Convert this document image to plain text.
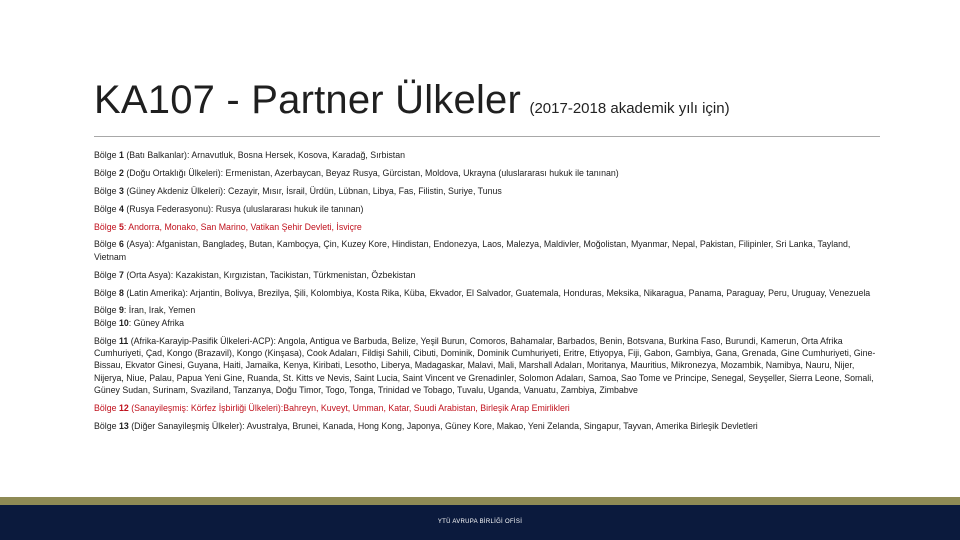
KA107 - Partner Ülkeler (2017-2018 akademik yılı için)

Bölge 1 (Batı Balkanlar): Arnavutluk, Bosna Hersek, Kosova, Karadağ, Sırbistan

Bölge 2 (Doğu Ortaklığı Ülkeleri): Ermenistan, Azerbaycan, Beyaz Rusya, Gürcistan, Moldova, Ukrayna (uluslararası hukuk ile tanınan)

Bölge 3 (Güney Akdeniz Ülkeleri): Cezayir, Mısır, İsrail, Ürdün, Lübnan, Libya, Fas, Filistin, Suriye, Tunus

Bölge 4 (Rusya Federasyonu): Rusya (uluslararası hukuk ile tanınan)

Bölge 5: Andorra, Monako, San Marino, Vatikan Şehir Devleti, İsviçre

Bölge 6 (Asya): Afganistan, Bangladeş, Butan, Kamboçya, Çin, Kuzey Kore, Hindistan, Endonezya, Laos, Malezya, Maldivler, Moğolistan, Myanmar, Nepal, Pakistan, Filipinler, Sri Lanka, Tayland, Vietnam

Bölge 7 (Orta Asya): Kazakistan, Kırgızistan, Tacikistan, Türkmenistan, Özbekistan

Bölge 8 (Latin Amerika): Arjantin, Bolivya, Brezilya, Şili, Kolombiya, Kosta Rika, Küba, Ekvador, El Salvador, Guatemala, Honduras, Meksika, Nikaragua, Panama, Paraguay, Peru, Uruguay, Venezuela

Bölge 9: İran, Irak, Yemen

Bölge 10: Güney Afrika

Bölge 11 (Afrika-Karayip-Pasifik Ülkeleri-ACP): Angola, Antigua ve Barbuda, Belize, Yeşil Burun, Comoros, Bahamalar, Barbados, Benin, Botsvana, Burkina Faso, Burundi, Kamerun, Orta Afrika Cumhuriyeti, Çad, Kongo (Brazavil), Kongo (Kinşasa), Cook Adaları, Fildişi Sahili, Cibuti, Dominik, Dominik Cumhuriyeti, Eritre, Etiyopya, Fiji, Gabon, Gambiya, Gana, Grenada, Gine Cumhuriyeti, Gine-Bissau, Ekvator Ginesi, Guyana, Haiti, Jamaika, Kenya, Kiribati, Lesotho, Liberya, Madagaskar, Malavi, Mali, Marshall Adaları, Moritanya, Mauritius, Mikronezya, Mozambik, Namibya, Nauru, Nijer, Nijerya, Niue, Palau, Papua Yeni Gine, Ruanda, St. Kitts ve Nevis, Saint Lucia, Saint Vincent ve Grenadinler, Solomon Adaları, Samoa, Sao Tome ve Principe, Senegal, Seyşeller, Sierra Leone, Somali, Güney Sudan, Surinam, Svaziland, Tanzanya, Doğu Timor, Togo, Tonga, Trinidad ve Tobago, Tuvalu, Uganda, Vanuatu, Zambiya, Zimbabve

Bölge 12 (Sanayileşmiş: Körfez İşbirliği Ülkeleri):Bahreyn, Kuveyt, Umman, Katar, Suudi Arabistan, Birleşik Arap Emirlikleri

Bölge 13 (Diğer Sanayileşmiş Ülkeler): Avustralya, Brunei, Kanada, Hong Kong, Japonya, Güney Kore, Makao, Yeni Zelanda, Singapur, Tayvan, Amerika Birleşik Devletleri

YTÜ AVRUPA BİRLİĞİ OFİSİ
